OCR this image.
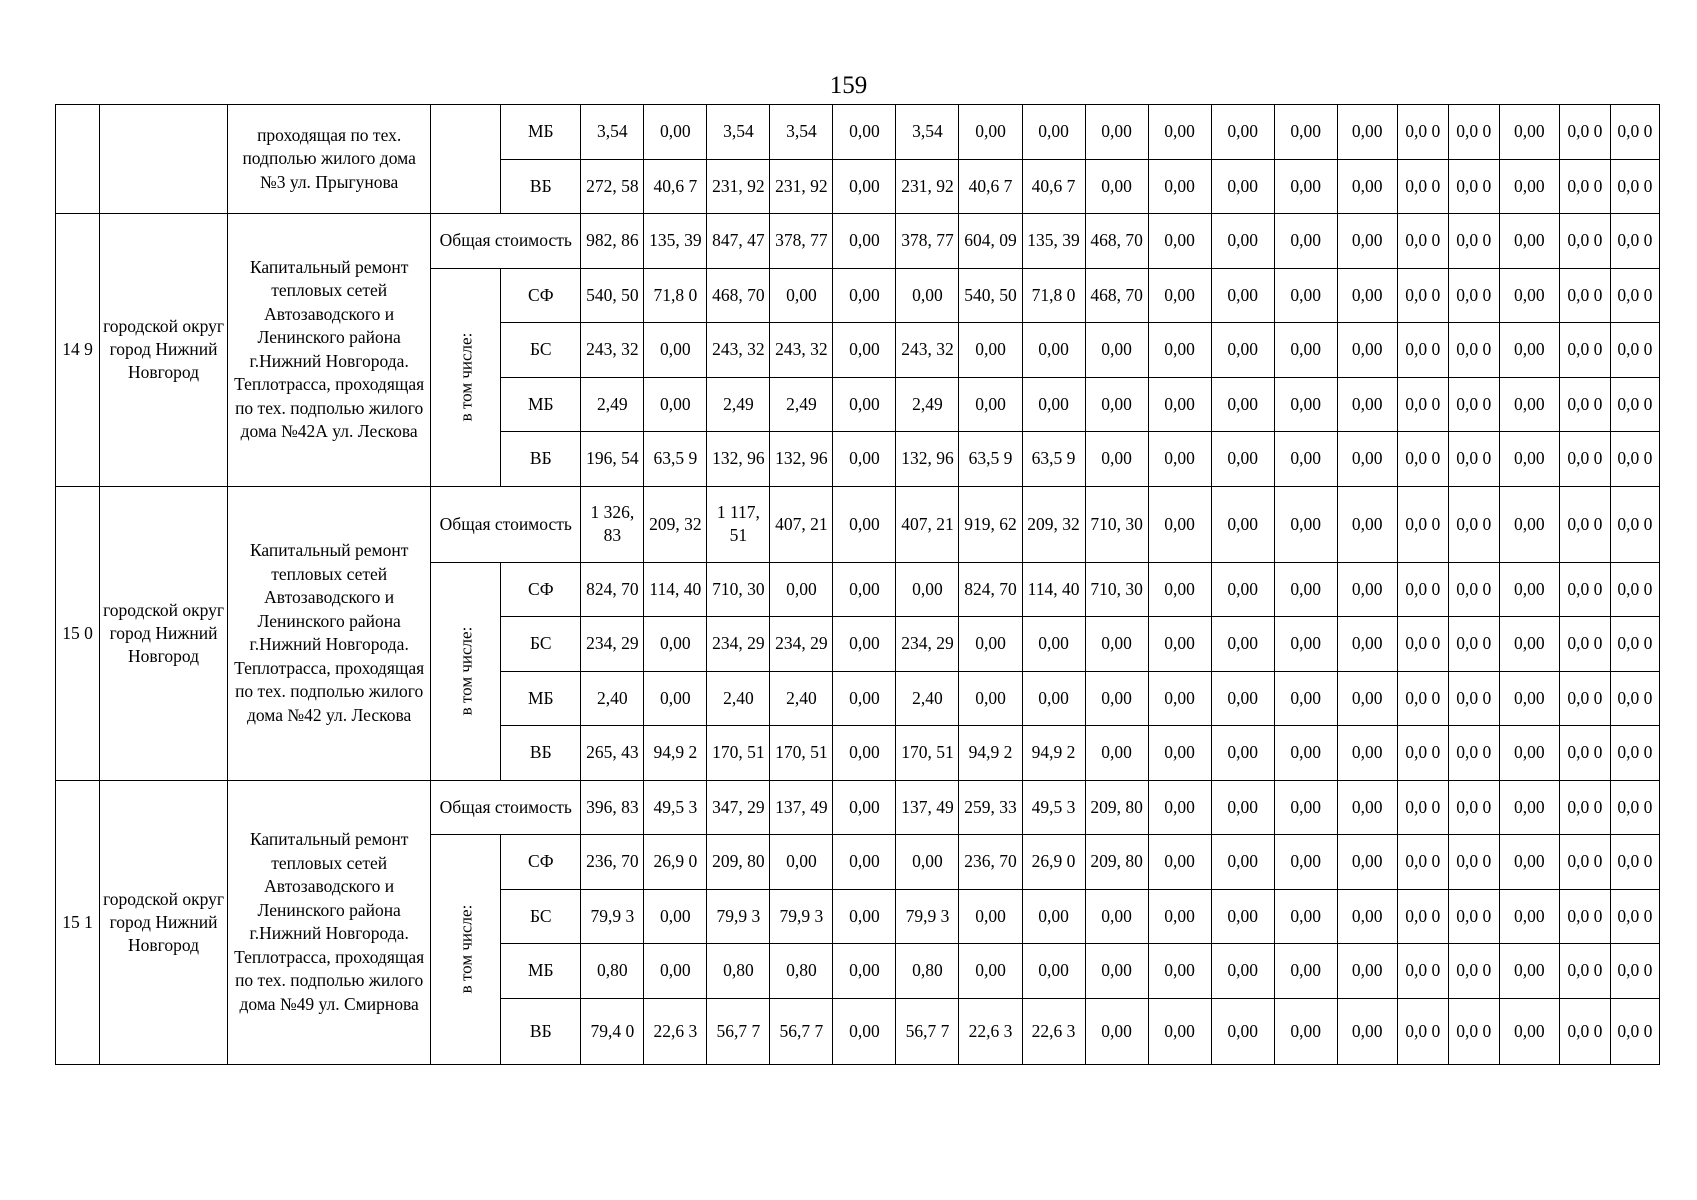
159
		проходящая по тех. подполью жилого дома №3 ул. Прыгунова		МБ	3,54	0,00	3,54	3,54	0,00	3,54	0,00	0,00	0,00	0,00	0,00	0,00	0,00	0,0 0	0,0 0	0,00	0,0 0	0,0 0
				ВБ	272, 58	40,6 7	231, 92	231, 92	0,00	231, 92	40,6 7	40,6 7	0,00	0,00	0,00	0,00	0,00	0,0 0	0,0 0	0,00	0,0 0	0,0 0
14 9	городской округ город Нижний Новгород	Капитальный ремонт тепловых сетей Автозаводского и Ленинского района г.Нижний Новгорода. Теплотрасса, проходящая по тех. подполью жилого дома №42А ул. Лескова	Общая стоимость		982, 86	135, 39	847, 47	378, 77	0,00	378, 77	604, 09	135, 39	468, 70	0,00	0,00	0,00	0,00	0,0 0	0,0 0	0,00	0,0 0	0,0 0

			в том числе:	СФ	540, 50	71,8 0	468, 70	0,00	0,00	0,00	540, 50	71,8 0	468, 70	0,00	0,00	0,00	0,00	0,0 0	0,0 0	0,00	0,0 0	0,0 0
				БС	243, 32	0,00	243, 32	243, 32	0,00	243, 32	0,00	0,00	0,00	0,00	0,00	0,00	0,00	0,0 0	0,0 0	0,00	0,0 0	0,0 0
				МБ	2,49	0,00	2,49	2,49	0,00	2,49	0,00	0,00	0,00	0,00	0,00	0,00	0,00	0,0 0	0,0 0	0,00	0,0 0	0,0 0
				ВБ	196, 54	63,5 9	132, 96	132, 96	0,00	132, 96	63,5 9	63,5 9	0,00	0,00	0,00	0,00	0,00	0,0 0	0,0 0	0,00	0,0 0	0,0 0
15 0	городской округ город Нижний Новгород	Капитальный ремонт тепловых сетей Автозаводского и Ленинского района г.Нижний Новгорода. Теплотрасса, проходящая по тех. подполью жилого дома №42 ул. Лескова	Общая стоимость		1 326, 83	209, 32	1 117, 51	407, 21	0,00	407, 21	919, 62	209, 32	710, 30	0,00	0,00	0,00	0,00	0,0 0	0,0 0	0,00	0,0 0	0,0 0

			в том числе:	СФ	824, 70	114, 40	710, 30	0,00	0,00	0,00	824, 70	114, 40	710, 30	0,00	0,00	0,00	0,00	0,0 0	0,0 0	0,00	0,0 0	0,0 0
				БС	234, 29	0,00	234, 29	234, 29	0,00	234, 29	0,00	0,00	0,00	0,00	0,00	0,00	0,00	0,0 0	0,0 0	0,00	0,0 0	0,0 0
				МБ	2,40	0,00	2,40	2,40	0,00	2,40	0,00	0,00	0,00	0,00	0,00	0,00	0,00	0,0 0	0,0 0	0,00	0,0 0	0,0 0
				ВБ	265, 43	94,9 2	170, 51	170, 51	0,00	170, 51	94,9 2	94,9 2	0,00	0,00	0,00	0,00	0,00	0,0 0	0,0 0	0,00	0,0 0	0,0 0
15 1	городской округ город Нижний Новгород	Капитальный ремонт тепловых сетей Автозаводского и Ленинского района г.Нижний Новгорода. Теплотрасса, проходящая по тех. подполью жилого дома №49 ул. Смирнова	Общая стоимость		396, 83	49,5 3	347, 29	137, 49	0,00	137, 49	259, 33	49,5 3	209, 80	0,00	0,00	0,00	0,00	0,0 0	0,0 0	0,00	0,0 0	0,0 0

			в том числе:	СФ	236, 70	26,9 0	209, 80	0,00	0,00	0,00	236, 70	26,9 0	209, 80	0,00	0,00	0,00	0,00	0,0 0	0,0 0	0,00	0,0 0	0,0 0
				БС	79,9 3	0,00	79,9 3	79,9 3	0,00	79,9 3	0,00	0,00	0,00	0,00	0,00	0,00	0,00	0,0 0	0,0 0	0,00	0,0 0	0,0 0
				МБ	0,80	0,00	0,80	0,80	0,00	0,80	0,00	0,00	0,00	0,00	0,00	0,00	0,00	0,0 0	0,0 0	0,00	0,0 0	0,0 0
				ВБ	79,4 0	22,6 3	56,7 7	56,7 7	0,00	56,7 7	22,6 3	22,6 3	0,00	0,00	0,00	0,00	0,00	0,0 0	0,0 0	0,00	0,0 0	0,0 0
